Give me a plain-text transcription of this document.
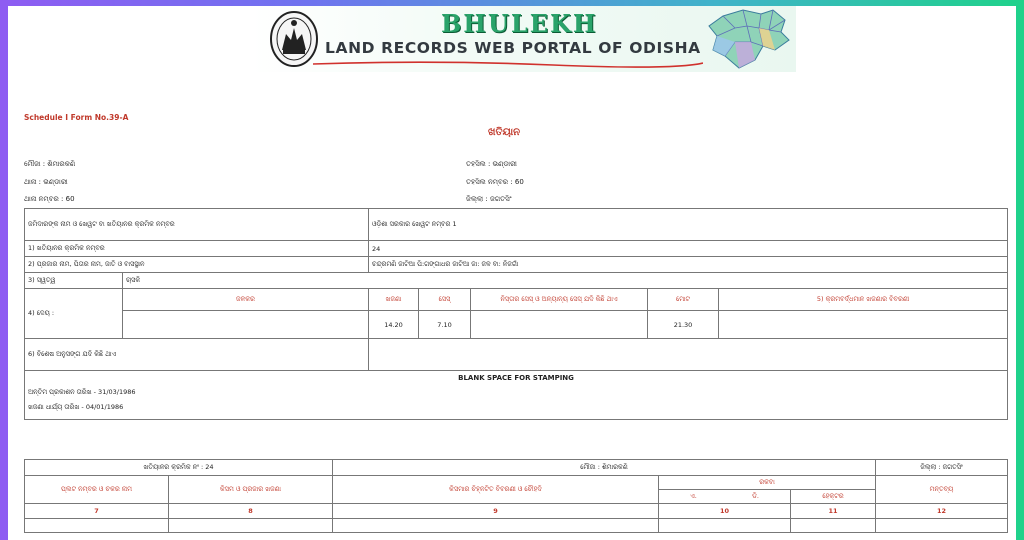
BHULEKH
LAND RECORDS WEB PORTAL OF ODISHA
Schedule I Form No.39-A
ଖତିୟାନ
ମୌଜା : ଶିମାରକଣି
ଥାନା : ଭଣ୍ଡାରୀ
ଥାନା ନମ୍ବର : 60
ତହସିଲ : ଭଣ୍ଡାରୀ
ତହସିଲ ନମ୍ବର : 60
ଜିଲ୍ଲା : ଜଗତସିଂ
ଜମିଦାରଙ୍କ ନାମ ଓ ଖେୱଟ ବା ଖତିୟାନର କ୍ରମିକ ନମ୍ବର		ଓଡ଼ିଶା ସରକାର ଖେୱଟ ନମ୍ବର 1				
1) ଖତିୟାନର କ୍ରମିକ ନମ୍ବର		24				
2) ପ୍ରଜାର ନାମ, ପିତାର ନାମ, ଜାତି ଓ ବାସସ୍ଥାନ		ଚନ୍ଦ୍ରମଣି ଜାଟିଆ ପି:ଗଙ୍ଗାଧର ଜାଟିଆ ଜା: ଜଳ ବା: ନିଜଗାଁ				
3) ସ୍ୱତ୍ୱ	ଚାସକି					
4) ଦେୟ :	ଜଳକର	ଖଜଣା	ସେସ୍	ନିସ୍ତାର ସେସ୍ ଓ ଅନ୍ୟାନ୍ୟ ସେସ୍ ଯଦି କିଛି ଥାଏ	ମୋଟ	5) କ୍ରମବର୍ଦ୍ଧମାନ ଖଜଣାର ବିବରଣୀ
		14.20	7.10		21.30	
6) ବିଶେଷ ଅନୁସଙ୍ଗ ଯଦି କିଛି ଥାଏ						

BLANK SPACE FOR STAMPING
ଅନ୍ତିମ ପ୍ରକାଶନ ତାରିଖ - 31/03/1986
ଖଜଣା ଧାର୍ଯ୍ୟ ତାରିଖ - 04/01/1986						
ଖତିୟାନର କ୍ରମିକ ନଂ : 24		ମୌଜା : ଶିମାରକଣି			ଜିଲ୍ଲା : ଜଗତସିଂ
ପ୍ଲଟ ନମ୍ବର ଓ ଚକର ନାମ	କିସମ ଓ ପ୍ରଜାର ଖଜଣା	କିସମାର ଚିହ୍ନଟିତ ବିବରଣୀ ଓ ଚୌହଦି	ରକବା		ମନ୍ତବ୍ୟ
			ଏ. ଡି.	ହେକ୍ଟର	
7	8	9	10	11	12
